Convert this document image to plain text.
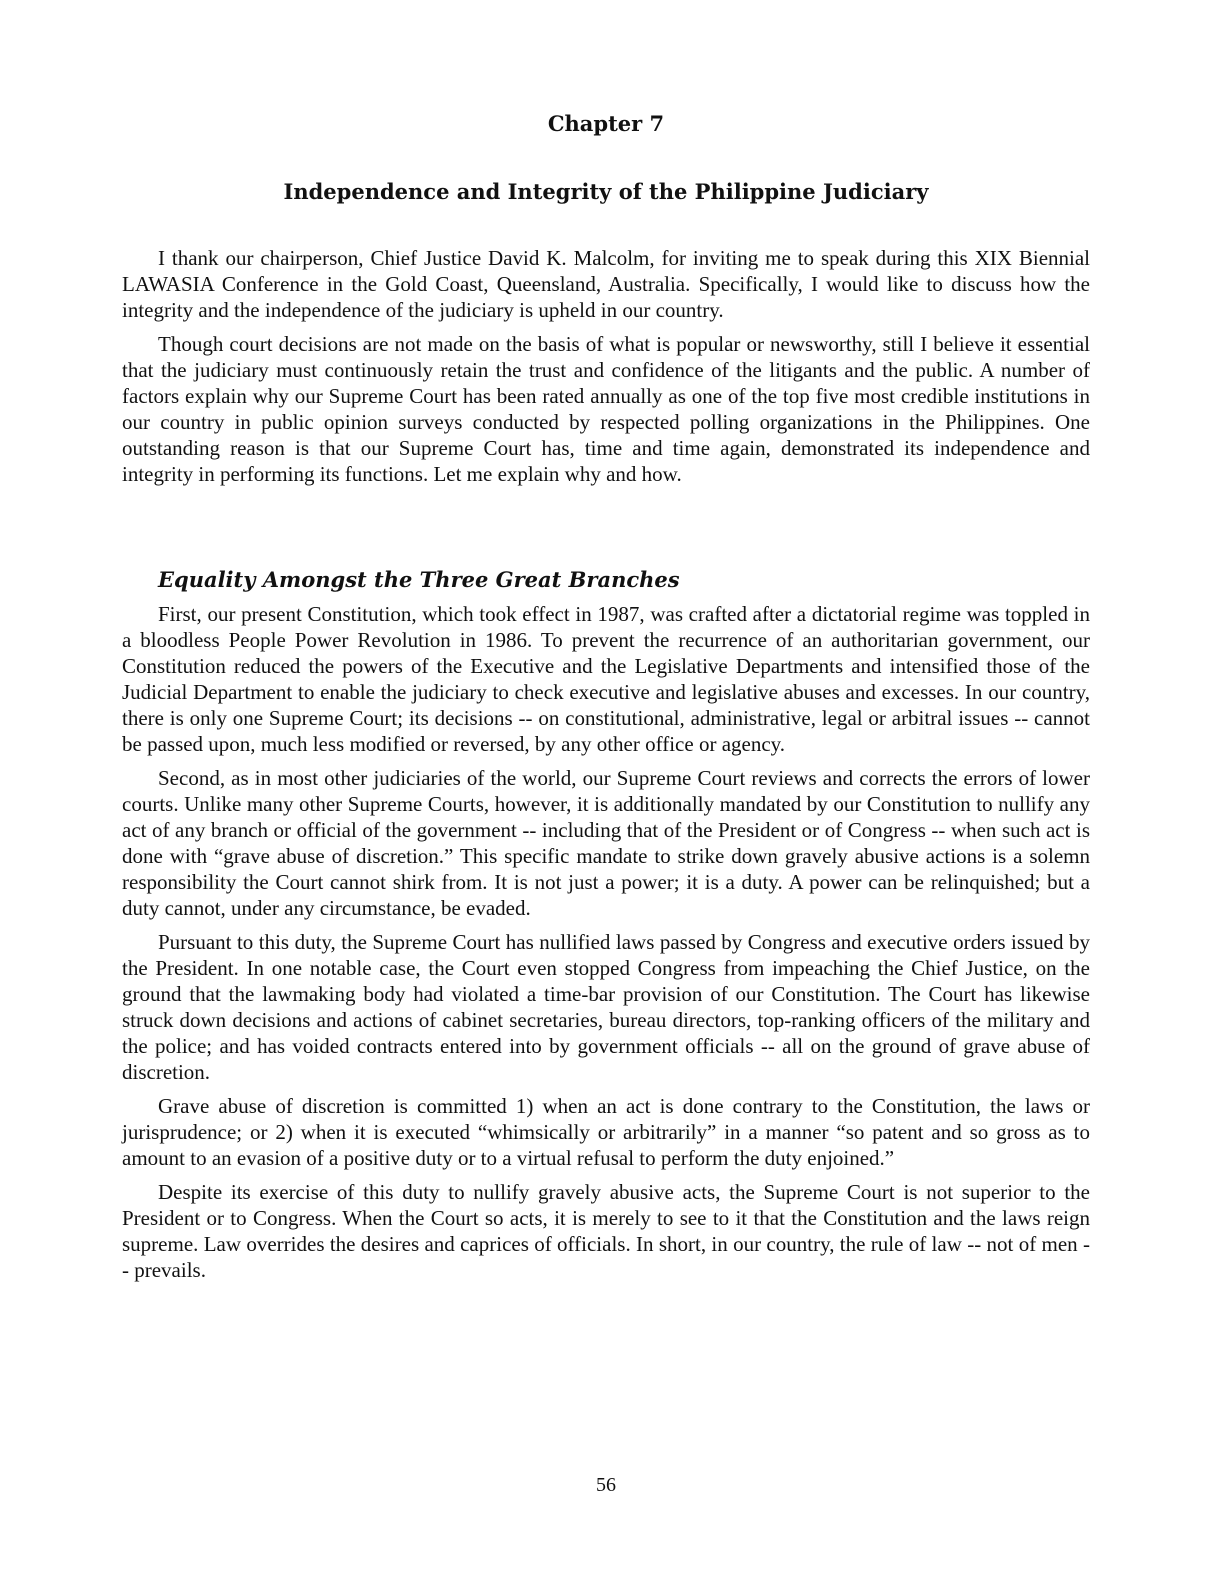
Chapter 7
Independence and Integrity of the Philippine Judiciary

I thank our chairperson, Chief Justice David K. Malcolm, for inviting me to speak during this XIX Biennial LAWASIA Conference in the Gold Coast, Queensland, Australia. Specifically, I would like to discuss how the integrity and the independence of the judiciary is upheld in our country.

Though court decisions are not made on the basis of what is popular or newsworthy, still I believe it essential that the judiciary must continuously retain the trust and confidence of the litigants and the public. A number of factors explain why our Supreme Court has been rated annually as one of the top five most credible institutions in our country in public opinion surveys conducted by respected polling organizations in the Philippines. One outstanding reason is that our Supreme Court has, time and time again, demonstrated its independence and integrity in performing its functions. Let me explain why and how.

Equality Amongst the Three Great Branches

First, our present Constitution, which took effect in 1987, was crafted after a dictatorial regime was toppled in a bloodless People Power Revolution in 1986. To prevent the recurrence of an authoritarian government, our Constitution reduced the powers of the Executive and the Legislative Departments and intensified those of the Judicial Department to enable the judiciary to check executive and legislative abuses and excesses. In our country, there is only one Supreme Court; its decisions -- on constitutional, administrative, legal or arbitral issues -- cannot be passed upon, much less modified or reversed, by any other office or agency.

Second, as in most other judiciaries of the world, our Supreme Court reviews and corrects the errors of lower courts. Unlike many other Supreme Courts, however, it is additionally mandated by our Constitution to nullify any act of any branch or official of the government -- including that of the President or of Congress -- when such act is done with “grave abuse of discretion.” This specific mandate to strike down gravely abusive actions is a solemn responsibility the Court cannot shirk from. It is not just a power; it is a duty. A power can be relinquished; but a duty cannot, under any circumstance, be evaded.

Pursuant to this duty, the Supreme Court has nullified laws passed by Congress and executive orders issued by the President. In one notable case, the Court even stopped Congress from impeaching the Chief Justice, on the ground that the lawmaking body had violated a time-bar provision of our Constitution. The Court has likewise struck down decisions and actions of cabinet secretaries, bureau directors, top-ranking officers of the military and the police; and has voided contracts entered into by government officials -- all on the ground of grave abuse of discretion.

Grave abuse of discretion is committed 1) when an act is done contrary to the Constitution, the laws or jurisprudence; or 2) when it is executed “whimsically or arbitrarily” in a manner “so patent and so gross as to amount to an evasion of a positive duty or to a virtual refusal to perform the duty enjoined.”

Despite its exercise of this duty to nullify gravely abusive acts, the Supreme Court is not superior to the President or to Congress. When the Court so acts, it is merely to see to it that the Constitution and the laws reign supreme. Law overrides the desires and caprices of officials. In short, in our country, the rule of law -- not of men -- prevails.

56
